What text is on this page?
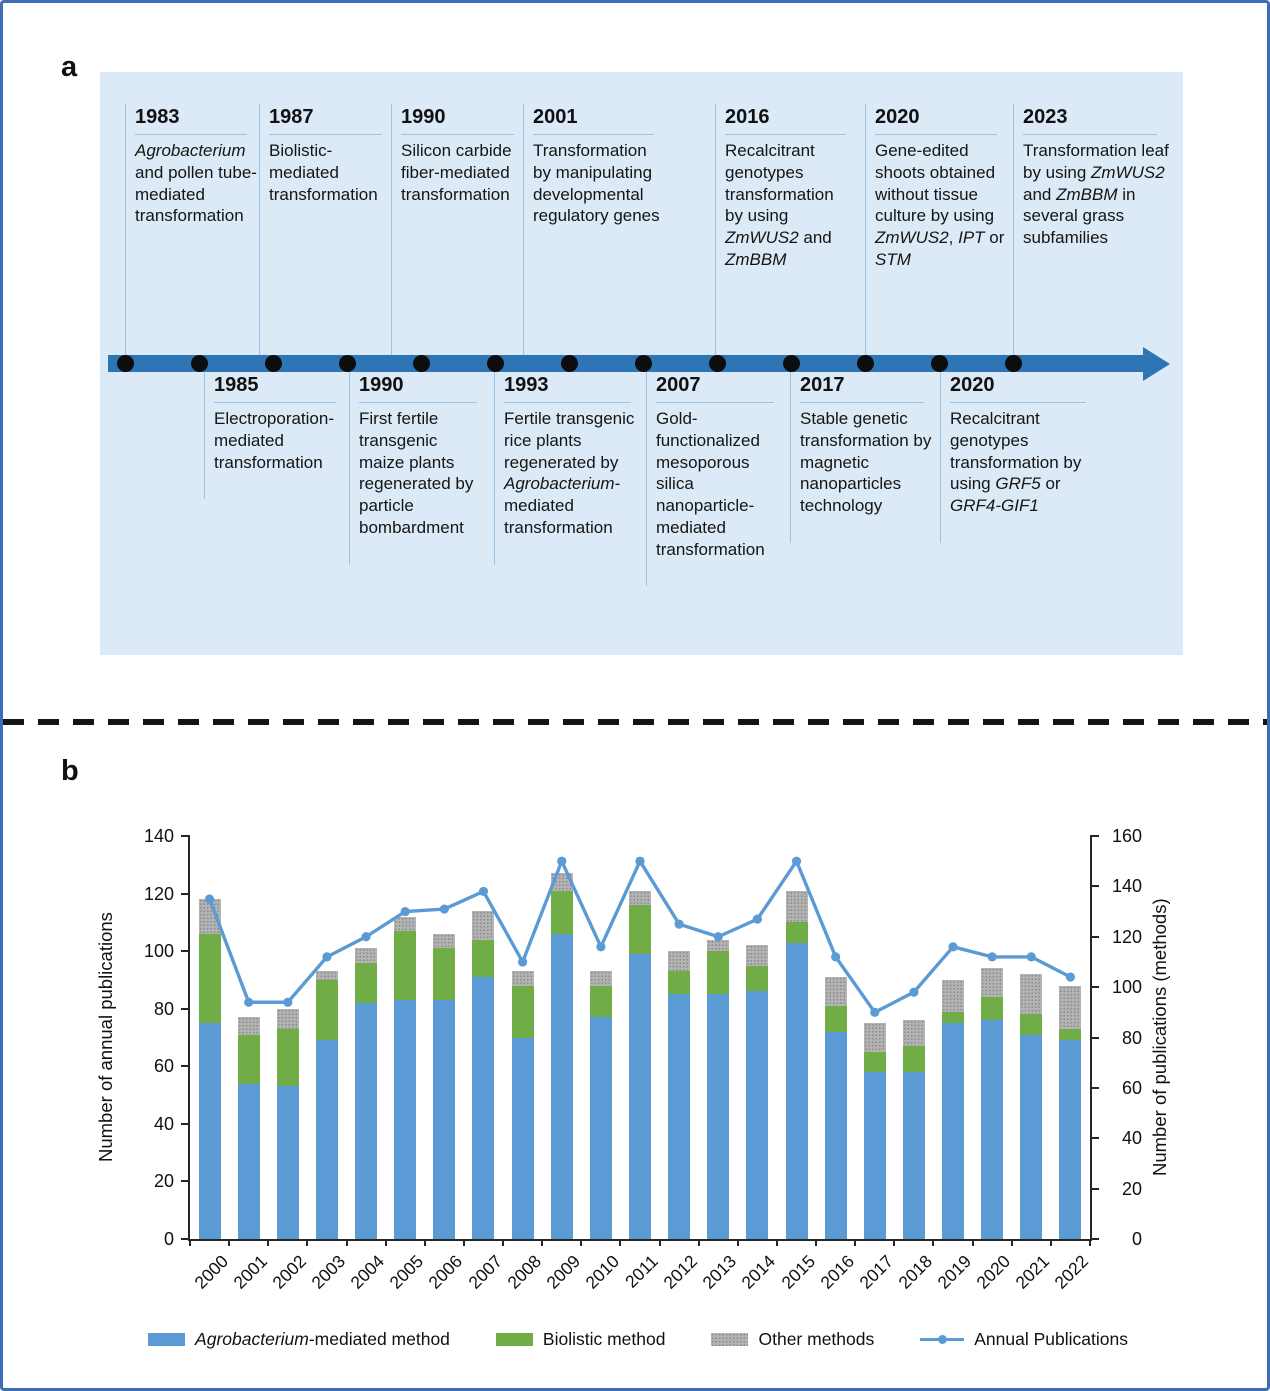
a
1983
Agrobacterium and pollen tube-mediated transformation
1987
Biolistic-mediated transformation
1990
Silicon carbide fiber-mediated transformation
2001
Transformation by manipulating developmental regulatory genes
2016
Recalcitrant genotypes transformation by using ZmWUS2 and ZmBBM
2020
Gene-edited shoots obtained without tissue culture by using ZmWUS2, IPT or STM
2023
Transformation leaf by using ZmWUS2 and ZmBBM in several grass subfamilies
1985
Electroporation-mediated transformation
1990
First fertile transgenic maize plants regenerated by particle bombardment
1993
Fertile transgenic rice plants regenerated by Agrobacterium-mediated transformation
2007
Gold-functionalized mesoporous silica nanoparticle-mediated transformation
2017
Stable genetic transformation by magnetic nanoparticles technology
2020
Recalcitrant genotypes transformation by using GRF5 or GRF4-GIF1
b
Number of annual publications	Number of publications (methods)
0
20
40
60
80
100
120
140
0
20
40
60
80
100
120
140
160
2000
2001
2002
2003
2004
2005
2006
2007
2008
2009
2010
2011
2012
2013
2014
2015
2016
2017
2018
2019
2020
2021
2022
Agrobacterium-mediated method	Biolistic method	Other methods	Annual Publications
